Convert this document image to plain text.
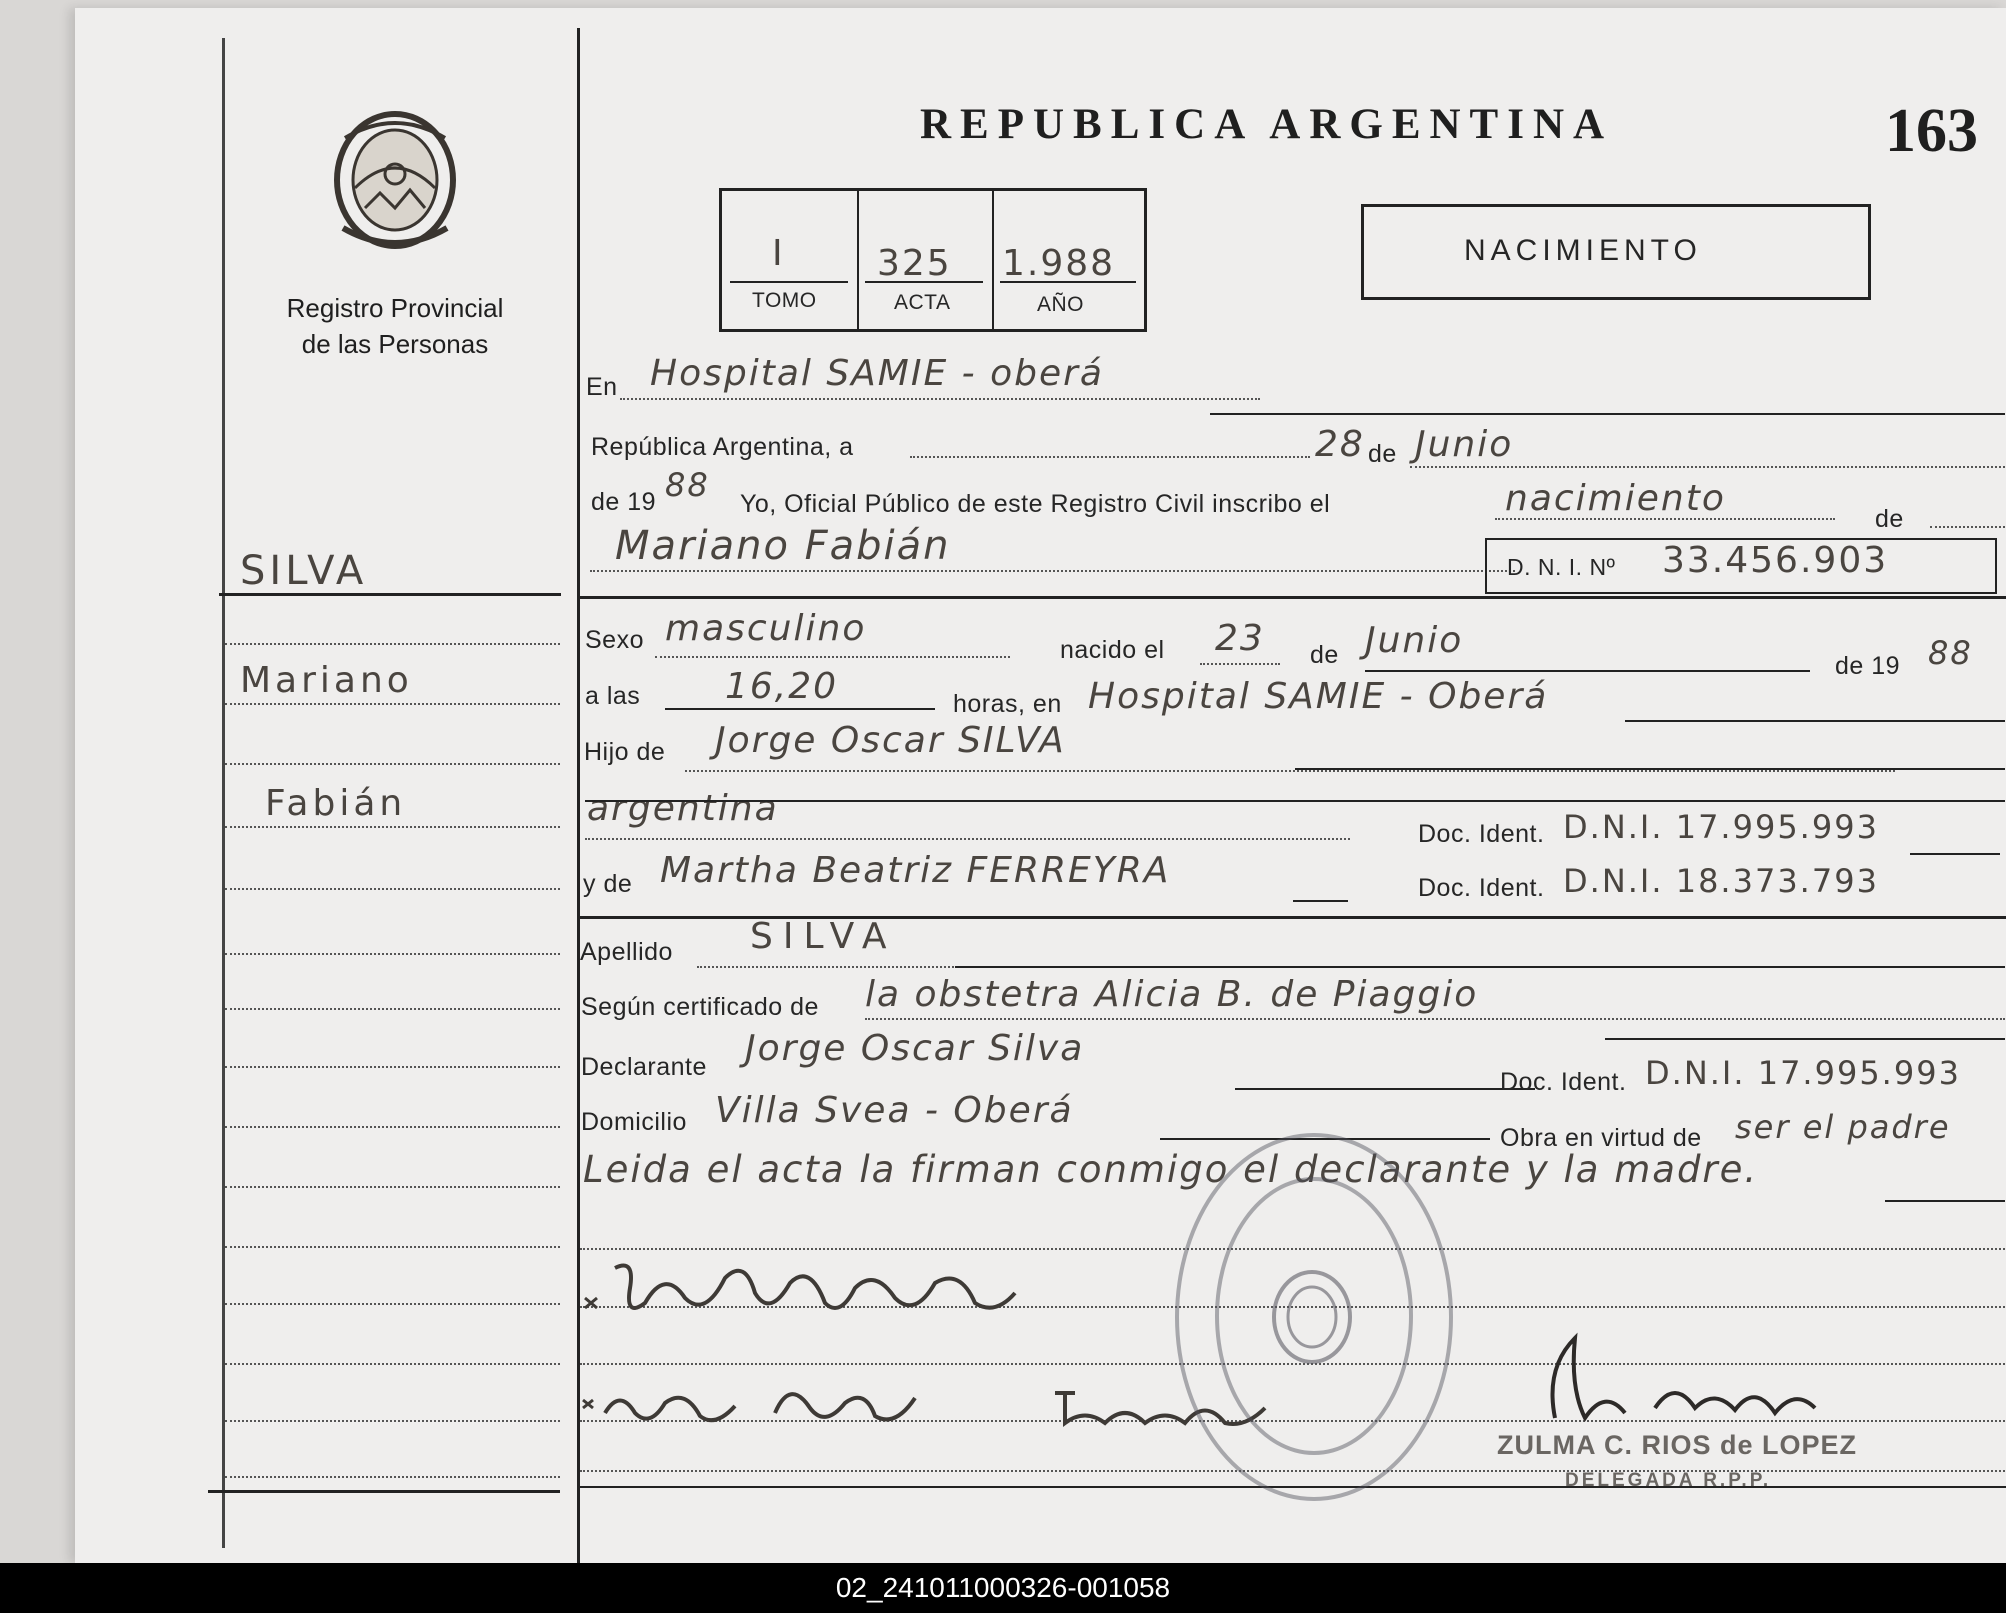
Registro Provincial
de las Personas
REPUBLICA ARGENTINA	163
I	325 1.988
TOMO	ACTA	AÑO
NACIMIENTO
SILVA
Mariano
Fabián
En Hospital SAMIE - oberá
República Argentina, a	28 de Junio
de 19 88 Yo, Oficial Público de este Registro Civil inscribo el	nacimiento	de
Mariano Fabián	D. N. I. Nº 33.456.903
Sexo masculino
nacido el 23 de Junio
de 19 88
a las 16,20	horas, en Hospital SAMIE - Oberá
Hijo de Jorge Oscar SILVA
argentina
Doc. Ident. D.N.I. 17.995.993
y de Martha Beatriz FERREYRA	Doc. Ident. D.N.I. 18.373.793
Apellido SILVA
Según certificado de la obstetra Alicia B. de Piaggio
Declarante Jorge Oscar Silva
Doc. Ident. D.N.I. 17.995.993
Domicilio Villa Svea - Oberá
Obra en virtud de ser el padre
Leida el acta la firman conmigo el declarante y la madre.
ZULMA C. RIOS de LOPEZ
DELEGADA R.P.P.
02_241011000326-001058
